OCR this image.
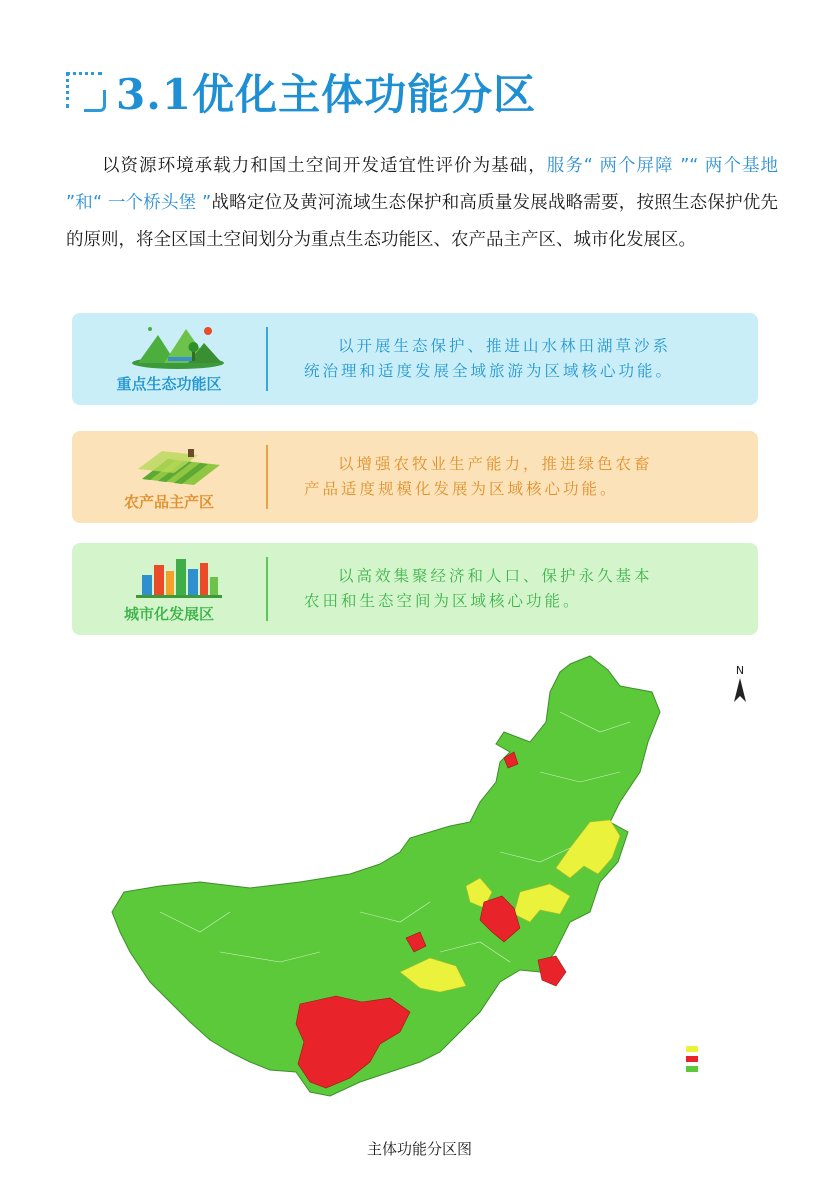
3.1优化主体功能分区

以资源环境承载力和国土空间开发适宜性评价为基础，服务“ 两个屏障 ”“ 两个基地 ”和“ 一个桥头堡 ”战略定位及黄河流域生态保护和高质量发展战略需要，按照生态保护优先的原则，将全区国土空间划分为重点生态功能区、农产品主产区、城市化发展区。

重点生态功能区
以开展生态保护、推进山水林田湖草沙系
统治理和适度发展全域旅游为区域核心功能。
农产品主产区
以增强农牧业生产能力，推进绿色农畜
产品适度规模化发展为区域核心功能。
城市化发展区
以高效集聚经济和人口、保护永久基本
农田和生态空间为区域核心功能。
N
主体功能分区图
